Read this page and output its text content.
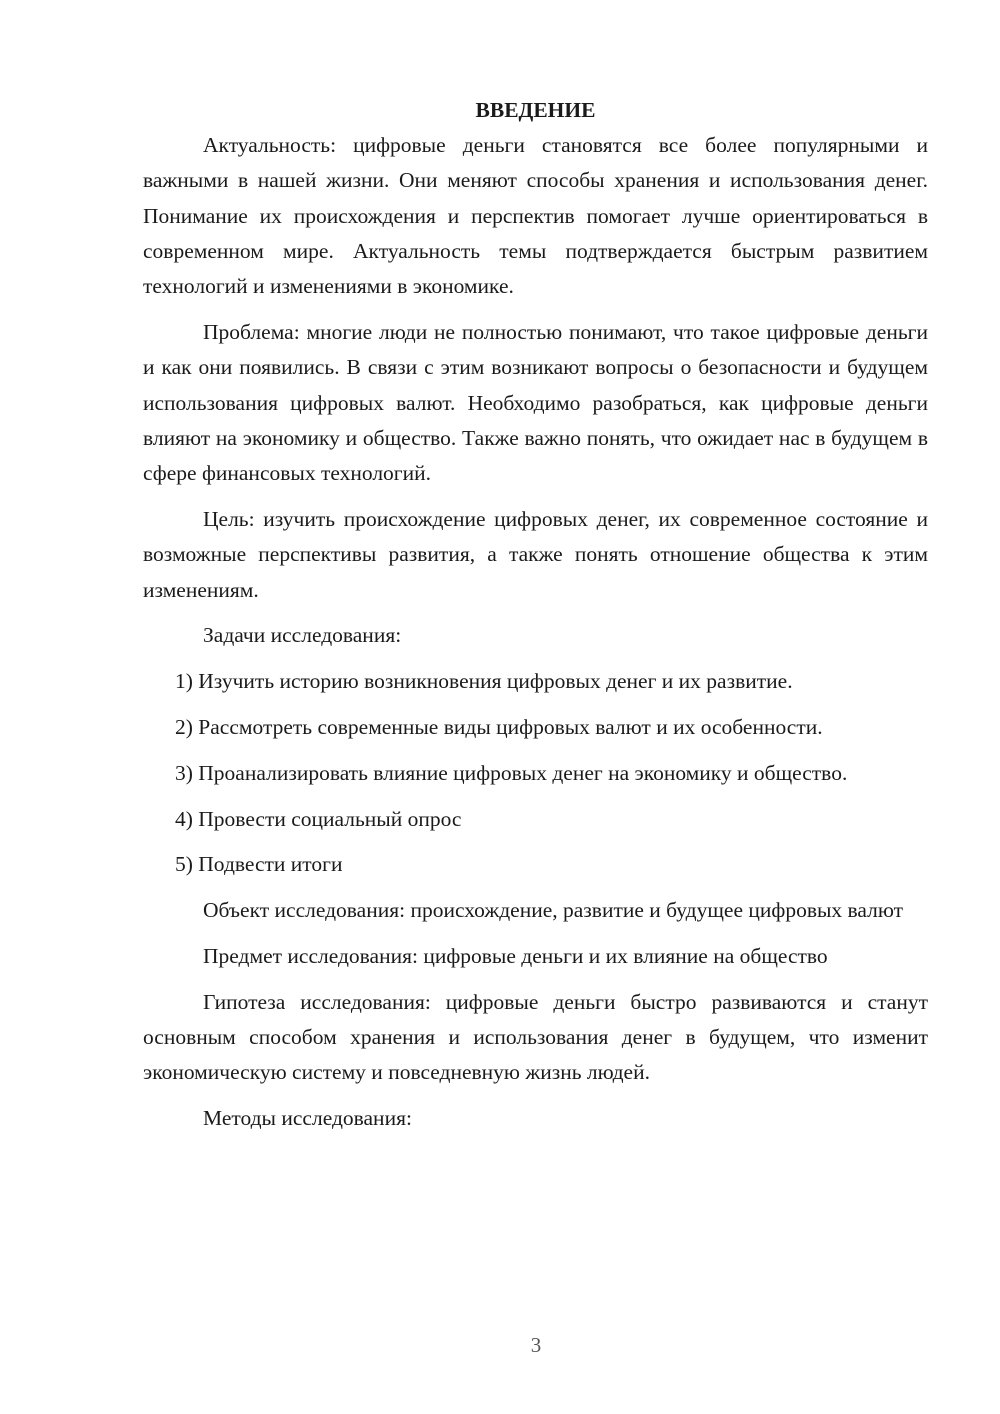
ВВЕДЕНИЕ

Актуальность: цифровые деньги становятся все более популярными и важными в нашей жизни. Они меняют способы хранения и использования денег. Понимание их происхождения и перспектив помогает лучше ориентироваться в современном мире. Актуальность темы подтверждается быстрым развитием технологий и изменениями в экономике.

Проблема: многие люди не полностью понимают, что такое цифровые деньги и как они появились. В связи с этим возникают вопросы о безопасности и будущем использования цифровых валют. Необходимо разобраться, как цифровые деньги влияют на экономику и общество. Также важно понять, что ожидает нас в будущем в сфере финансовых технологий.

Цель: изучить происхождение цифровых денег, их современное состояние и возможные перспективы развития, а также понять отношение общества к этим изменениям.

Задачи исследования:

1) Изучить историю возникновения цифровых денег и их развитие.

2) Рассмотреть современные виды цифровых валют и их особенности.

3) Проанализировать влияние цифровых денег на экономику и общество.

4) Провести социальный опрос

5) Подвести итоги

Объект исследования: происхождение, развитие и будущее цифровых валют

Предмет исследования: цифровые деньги и их влияние на общество

Гипотеза исследования: цифровые деньги быстро развиваются и станут основным способом хранения и использования денег в будущем, что изменит экономическую систему и повседневную жизнь людей.

Методы исследования:

3
